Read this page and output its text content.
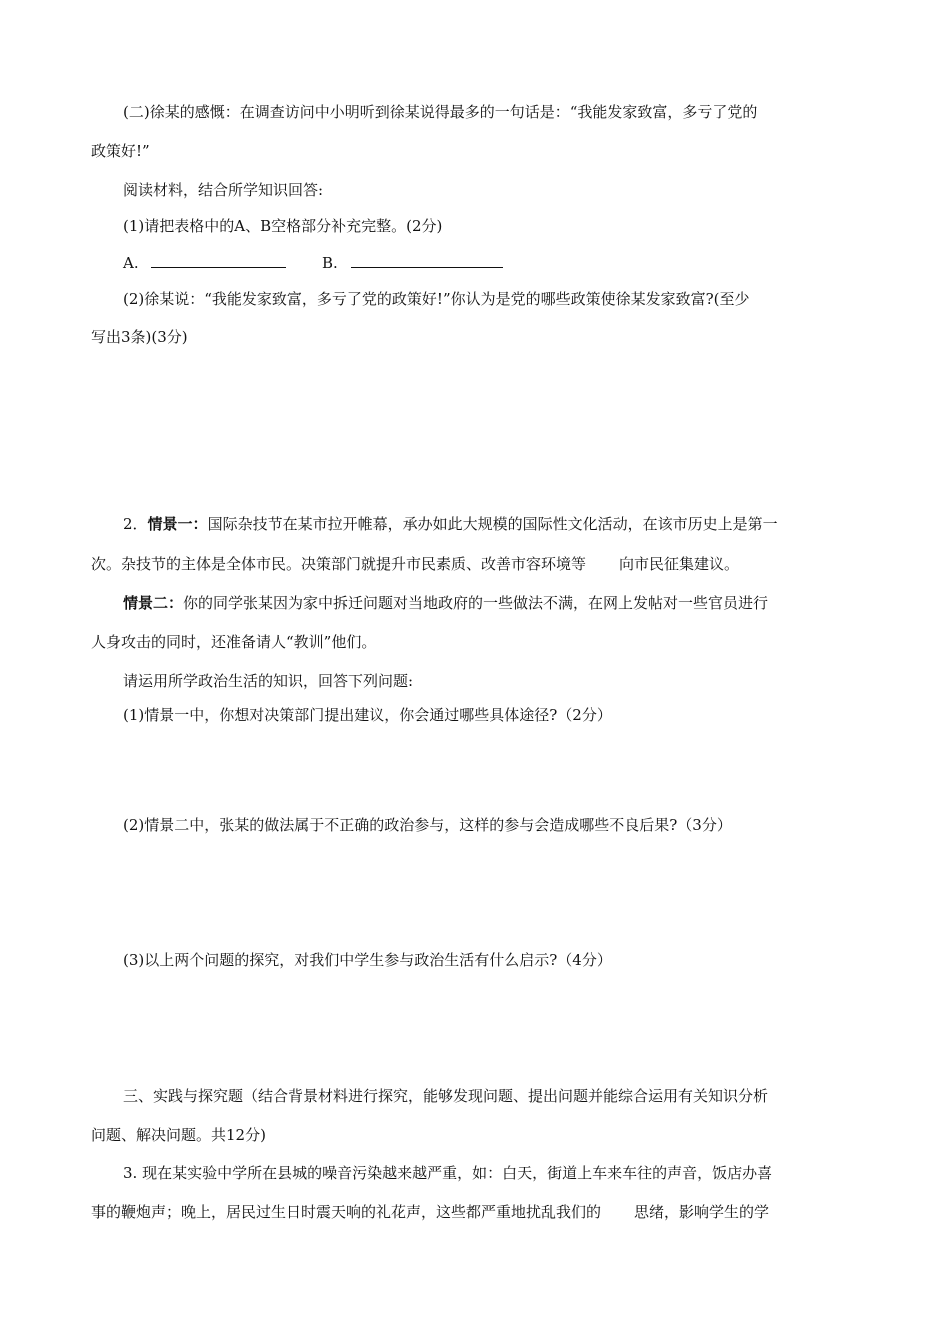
(二)徐某的感慨：在调查访问中小明听到徐某说得最多的一句话是：“我能发家致富，多亏了党的
政策好!”
阅读材料，结合所学知识回答:
(1)请把表格中的A、B空格部分补充完整。(2分)
A.	B.
(2)徐某说：“我能发家致富，多亏了党的政策好!”你认为是党的哪些政策使徐某发家致富?(至少
写出3条)(3分)
2．情景一：国际杂技节在某市拉开帷幕，承办如此大规模的国际性文化活动，在该市历史上是第一
次。杂技节的主体是全体市民。决策部门就提升市民素质、改善市容环境等 向市民征集建议。
情景二：你的同学张某因为家中拆迁问题对当地政府的一些做法不满，在网上发帖对一些官员进行
人身攻击的同时，还准备请人“教训”他们。
请运用所学政治生活的知识，回答下列问题:
(1)情景一中，你想对决策部门提出建议，你会通过哪些具体途径?（2分）
(2)情景二中，张某的做法属于不正确的政治参与，这样的参与会造成哪些不良后果?（3分）
(3)以上两个问题的探究，对我们中学生参与政治生活有什么启示?（4分）
三、实践与探究题（结合背景材料进行探究，能够发现问题、提出问题并能综合运用有关知识分析
问题、解决问题。共12分)
3. 现在某实验中学所在县城的噪音污染越来越严重，如：白天，街道上车来车往的声音，饭店办喜
事的鞭炮声；晚上，居民过生日时震天响的礼花声，这些都严重地扰乱我们的 思绪，影响学生的学
